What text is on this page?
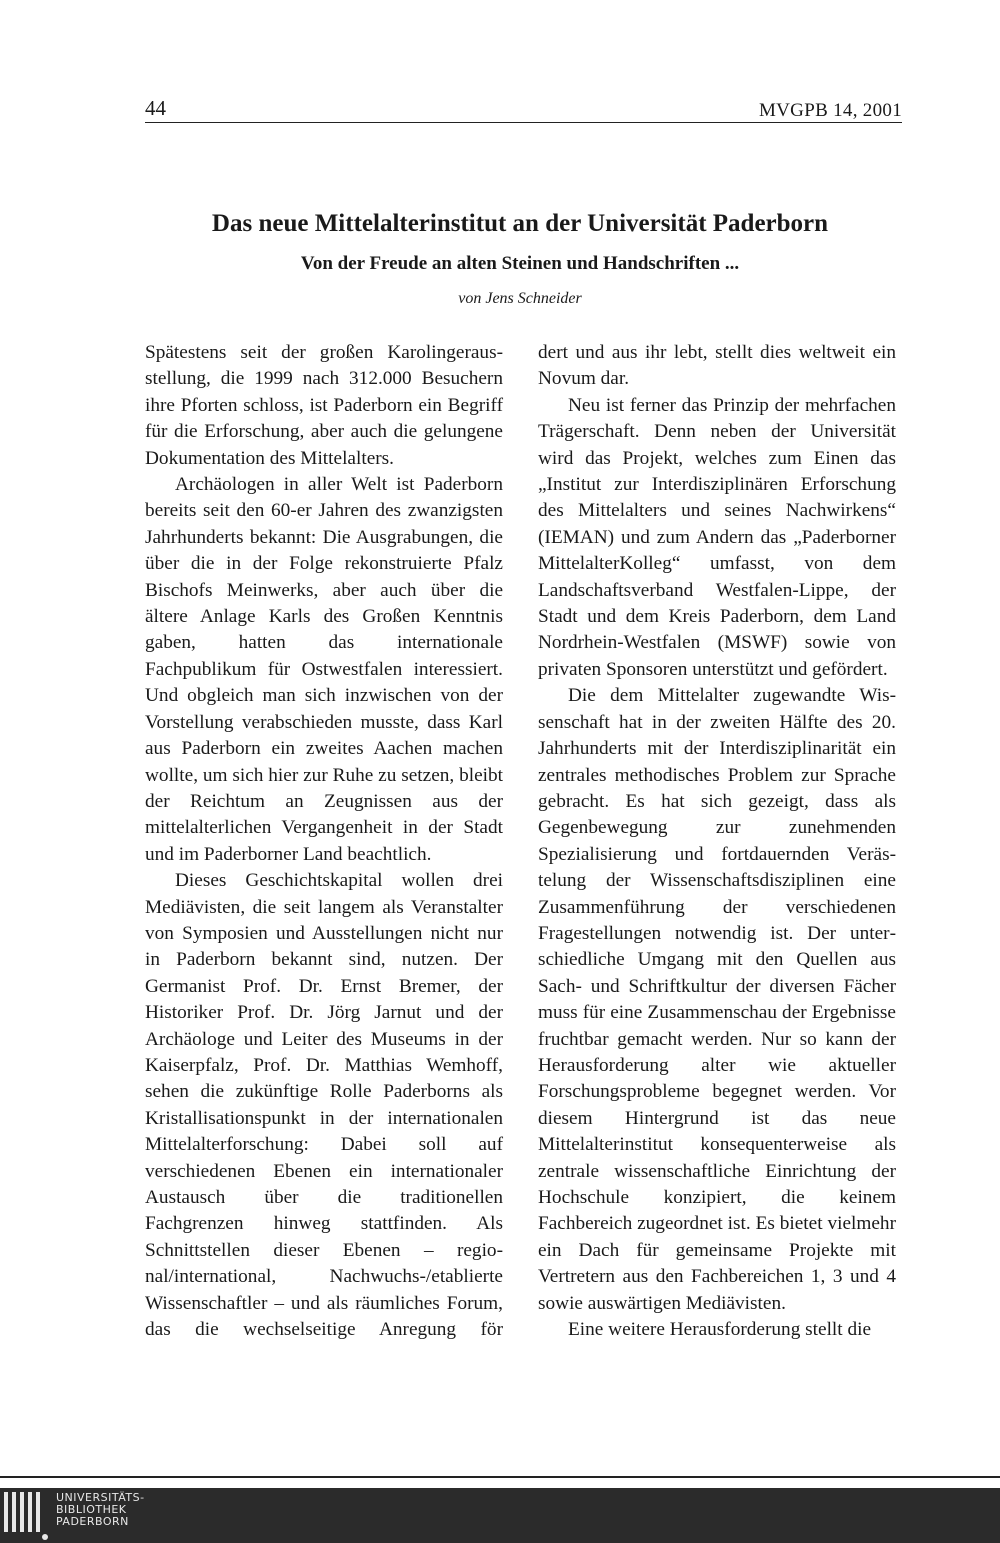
44	MVGPB 14, 2001
Das neue Mittelalterinstitut an der Universität Paderborn
Von der Freude an alten Steinen und Handschriften ...
von Jens Schneider

Spätestens seit der großen Karolingerausstellung, die 1999 nach 312.000 Besuchern ihre Pforten schloss, ist Paderborn ein Begriff für die Erforschung, aber auch die gelungene Dokumentation des Mittelalters.

Archäologen in aller Welt ist Paderborn bereits seit den 60-er Jahren des zwanzigsten Jahrhunderts bekannt: Die Ausgrabungen, die über die in der Folge rekonstruierte Pfalz Bischofs Meinwerks, aber auch über die ältere Anlage Karls des Großen Kenntnis gaben, hatten das internationale Fachpublikum für Ostwestfalen interessiert. Und obgleich man sich inzwischen von der Vorstellung verabschieden musste, dass Karl aus Paderborn ein zweites Aachen machen wollte, um sich hier zur Ruhe zu setzen, bleibt der Reichtum an Zeugnissen aus der mittelalterlichen Vergangenheit in der Stadt und im Paderborner Land beachtlich.

Dieses Geschichtskapital wollen drei Mediävisten, die seit langem als Veranstalter von Symposien und Ausstellungen nicht nur in Paderborn bekannt sind, nutzen. Der Germanist Prof. Dr. Ernst Bremer, der Historiker Prof. Dr. Jörg Jarnut und der Archäologe und Leiter des Museums in der Kaiserpfalz, Prof. Dr. Matthias Wemhoff, sehen die zukünftige Rolle Paderborns als Kristallisationspunkt in der internationalen Mittelalterforschung: Dabei soll auf verschiedenen Ebenen ein internationaler Austausch über die traditionellen Fachgrenzen hinweg stattfinden. Als Schnittstellen dieser Ebenen – regional/international, Nachwuchs-/etablierte Wissenschaftler – und als räumliches Forum, das die wechselseitige Anregung för

dert und aus ihr lebt, stellt dies weltweit ein Novum dar.

Neu ist ferner das Prinzip der mehrfachen Trägerschaft. Denn neben der Universität wird das Projekt, welches zum Einen das „Institut zur Interdisziplinären Erforschung des Mittelalters und seines Nachwirkens“ (IEMAN) und zum Andern das „Paderborner MittelalterKolleg“ umfasst, von dem Landschaftsverband Westfalen-Lippe, der Stadt und dem Kreis Paderborn, dem Land Nordrhein-Westfalen (MSWF) sowie von privaten Sponsoren unterstützt und gefördert.

Die dem Mittelalter zugewandte Wissenschaft hat in der zweiten Hälfte des 20. Jahrhunderts mit der Interdisziplinarität ein zentrales methodisches Problem zur Sprache gebracht. Es hat sich gezeigt, dass als Gegenbewegung zur zunehmenden Spezialisierung und fortdauernden Verästelung der Wissenschaftsdisziplinen eine Zusammenführung der verschiedenen Fragestellungen notwendig ist. Der unterschiedliche Umgang mit den Quellen aus Sach- und Schriftkultur der diversen Fächer muss für eine Zusammenschau der Ergebnisse fruchtbar gemacht werden. Nur so kann der Herausforderung alter wie aktueller Forschungsprobleme begegnet werden. Vor diesem Hintergrund ist das neue Mittelalterinstitut konsequenterweise als zentrale wissenschaftliche Einrichtung der Hochschule konzipiert, die keinem Fachbereich zugeordnet ist. Es bietet vielmehr ein Dach für gemeinsame Projekte mit Vertretern aus den Fachbereichen 1, 3 und 4 sowie auswärtigen Mediävisten.

Eine weitere Herausforderung stellt die

UNIVERSITÄTS-
BIBLIOTHEK
PADERBORN
